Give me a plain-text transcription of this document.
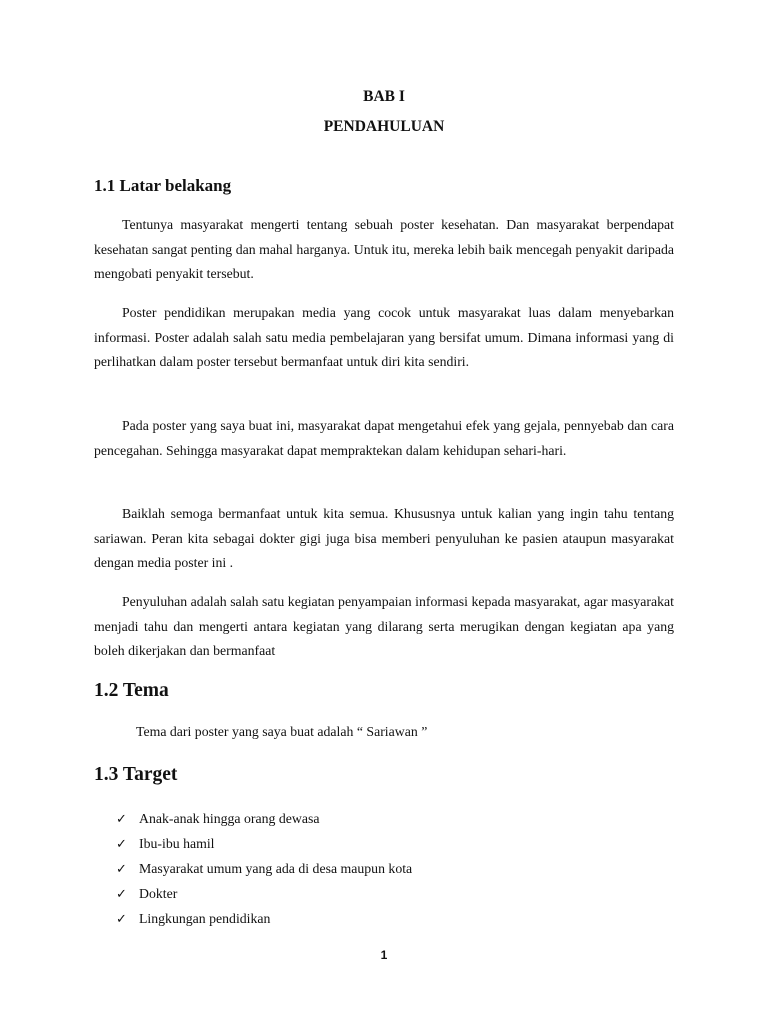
BAB I
PENDAHULUAN
1.1 Latar belakang

Tentunya masyarakat mengerti tentang sebuah poster kesehatan. Dan masyarakat berpendapat kesehatan sangat penting dan mahal harganya. Untuk itu, mereka lebih baik mencegah penyakit daripada mengobati penyakit tersebut.

Poster pendidikan merupakan media yang cocok untuk masyarakat luas dalam menyebarkan informasi. Poster adalah salah satu media pembelajaran yang bersifat umum. Dimana informasi yang di perlihatkan dalam poster tersebut bermanfaat untuk diri kita sendiri.

Pada poster yang saya buat ini, masyarakat dapat mengetahui efek yang gejala, pennyebab dan cara pencegahan. Sehingga masyarakat dapat mempraktekan dalam kehidupan sehari-hari.

Baiklah semoga bermanfaat untuk kita semua. Khususnya untuk kalian yang ingin tahu tentang sariawan. Peran kita sebagai dokter gigi juga bisa memberi penyuluhan ke pasien ataupun masyarakat dengan media poster ini .

Penyuluhan adalah salah satu kegiatan penyampaian informasi kepada masyarakat, agar masyarakat menjadi tahu dan mengerti antara kegiatan yang dilarang serta merugikan dengan kegiatan apa yang boleh dikerjakan dan bermanfaat

1.2 Tema

Tema dari poster yang saya buat adalah “ Sariawan ”

1.3 Target
✓ Anak-anak hingga orang dewasa
✓ Ibu-ibu hamil
✓ Masyarakat umum yang ada di desa maupun kota
✓ Dokter
✓ Lingkungan pendidikan
1
